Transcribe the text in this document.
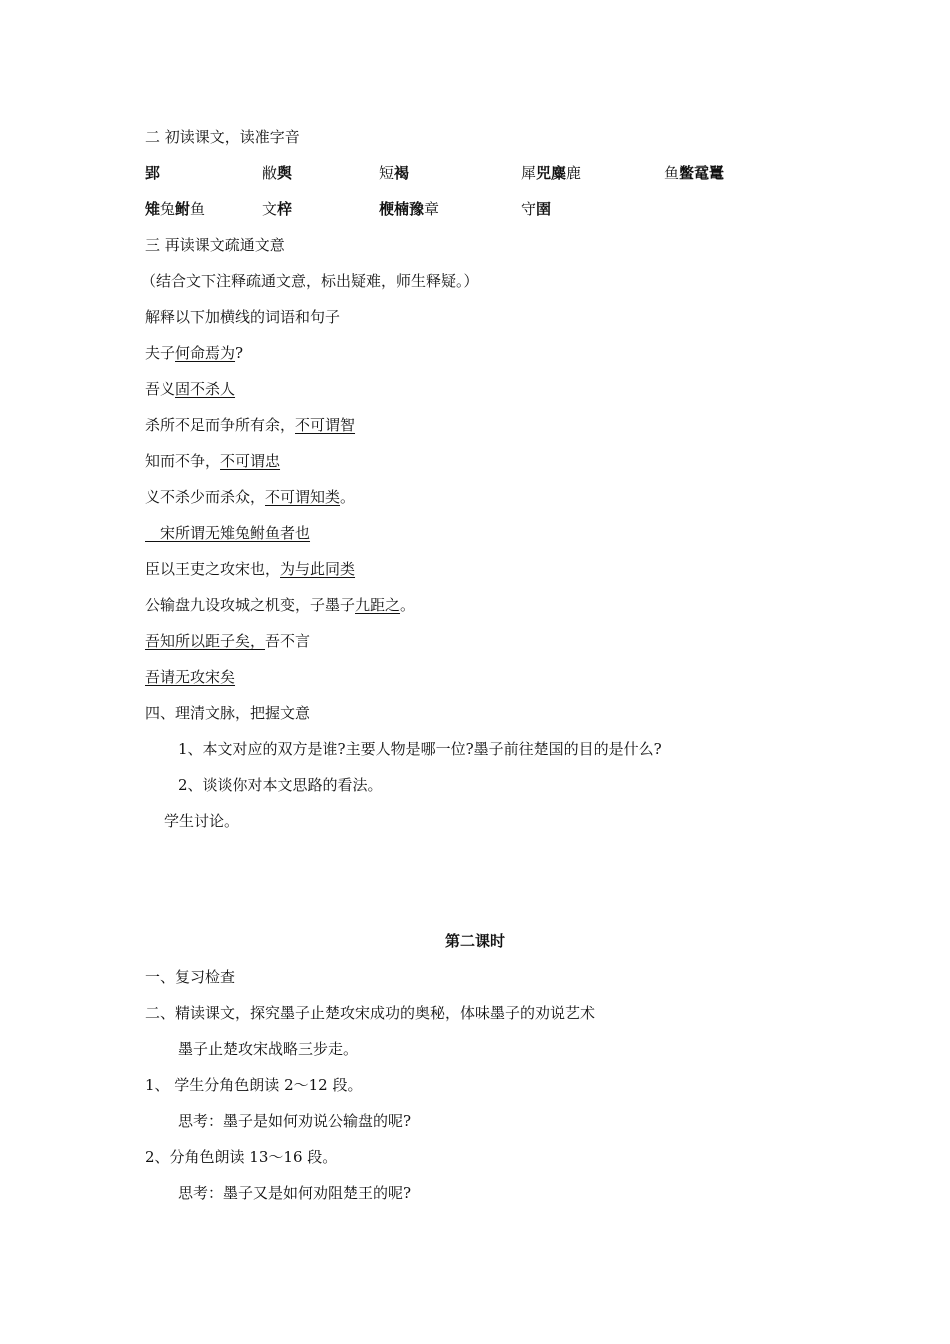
二 初读课文，读准字音
郢	敝舆	短褐	犀兕麋鹿	鱼鳖鼋鼍
雉兔鲋鱼	文梓	楩楠豫章	守圉
三 再读课文疏通文意
（结合文下注释疏通文意，标出疑难，师生释疑。）
解释以下加横线的词语和句子
夫子何命焉为?
吾义固不杀人
杀所不足而争所有余，不可谓智
知而不争，不可谓忠
义不杀少而杀众，不可谓知类。
　宋所谓无雉兔鲋鱼者也
臣以王吏之攻宋也，为与此同类
公输盘九设攻城之机变，子墨子九距之。
吾知所以距子矣，吾不言
吾请无攻宋矣
四、理清文脉，把握文意
1、本文对应的双方是谁?主要人物是哪一位?墨子前往楚国的目的是什么?
2、谈谈你对本文思路的看法。
学生讨论。
第二课时
一、复习检查
二、精读课文，探究墨子止楚攻宋成功的奥秘，体味墨子的劝说艺术
墨子止楚攻宋战略三步走。
1、 学生分角色朗读 2～12 段。
思考：墨子是如何劝说公输盘的呢?
2、分角色朗读 13～16 段。
思考：墨子又是如何劝阻楚王的呢?
